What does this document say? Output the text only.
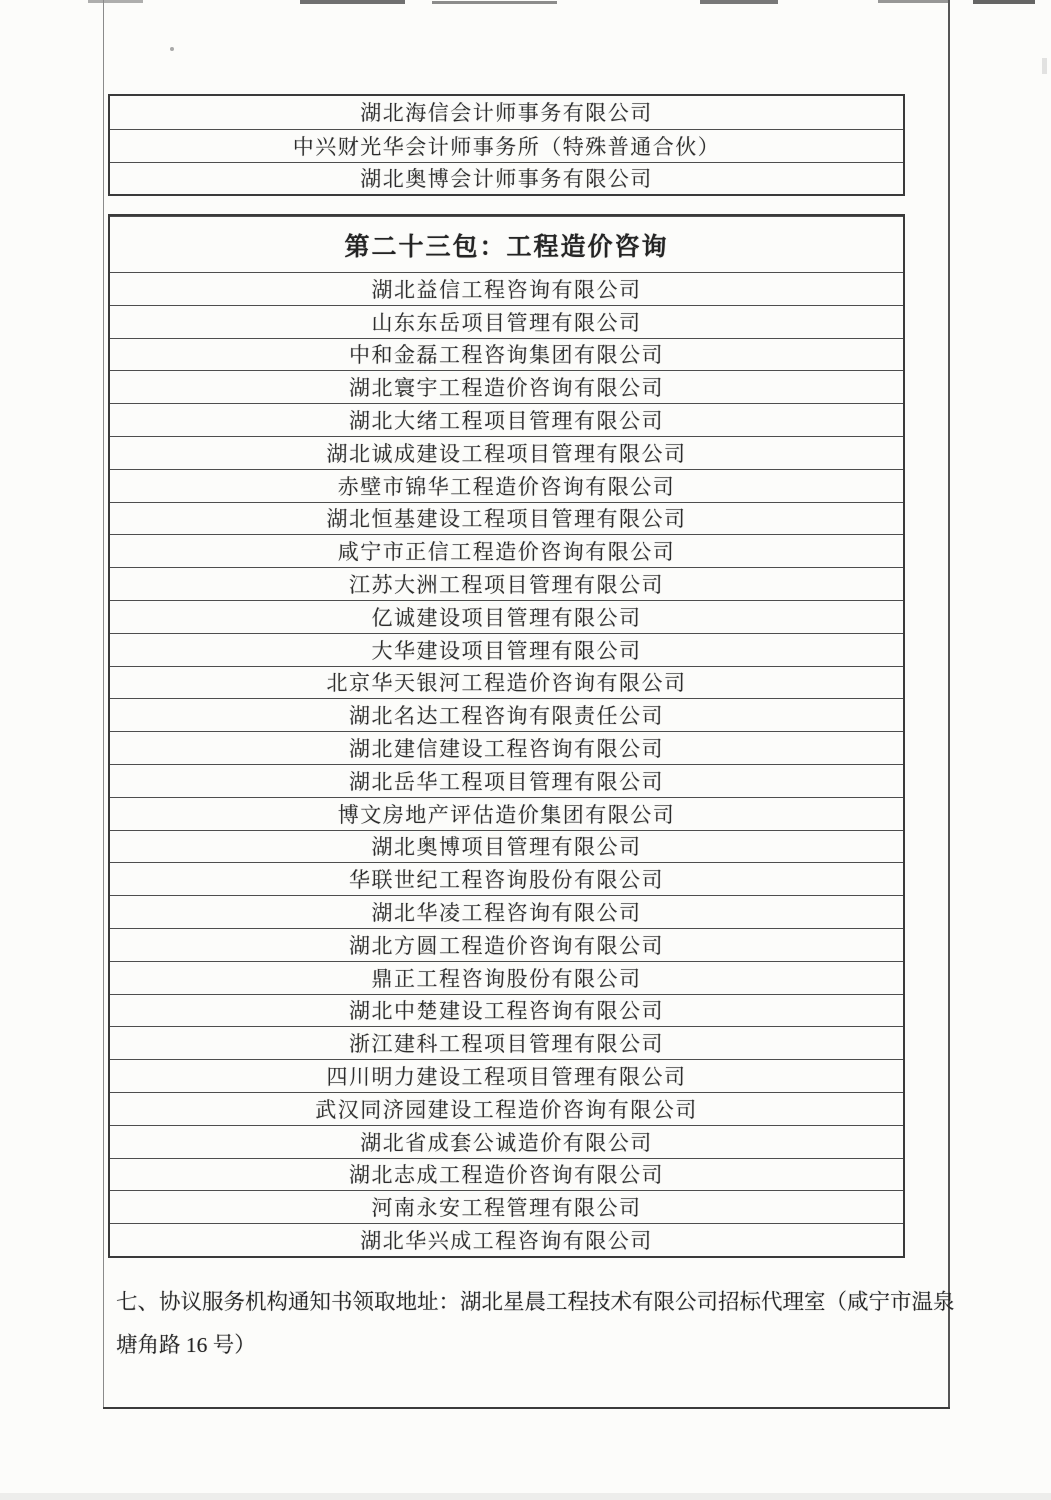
湖北海信会计师事务有限公司
中兴财光华会计师事务所（特殊普通合伙）
湖北奥博会计师事务有限公司
第二十三包：工程造价咨询
湖北益信工程咨询有限公司
山东东岳项目管理有限公司
中和金磊工程咨询集团有限公司
湖北寰宇工程造价咨询有限公司
湖北大绪工程项目管理有限公司
湖北诚成建设工程项目管理有限公司
赤壁市锦华工程造价咨询有限公司
湖北恒基建设工程项目管理有限公司
咸宁市正信工程造价咨询有限公司
江苏大洲工程项目管理有限公司
亿诚建设项目管理有限公司
大华建设项目管理有限公司
北京华天银河工程造价咨询有限公司
湖北名达工程咨询有限责任公司
湖北建信建设工程咨询有限公司
湖北岳华工程项目管理有限公司
博文房地产评估造价集团有限公司
湖北奥博项目管理有限公司
华联世纪工程咨询股份有限公司
湖北华凌工程咨询有限公司
湖北方圆工程造价咨询有限公司
鼎正工程咨询股份有限公司
湖北中楚建设工程咨询有限公司
浙江建科工程项目管理有限公司
四川明力建设工程项目管理有限公司
武汉同济园建设工程造价咨询有限公司
湖北省成套公诚造价有限公司
湖北志成工程造价咨询有限公司
河南永安工程管理有限公司
湖北华兴成工程咨询有限公司

七、协议服务机构通知书领取地址：湖北星晨工程技术有限公司招标代理室（咸宁市温泉塘角路 16 号）
